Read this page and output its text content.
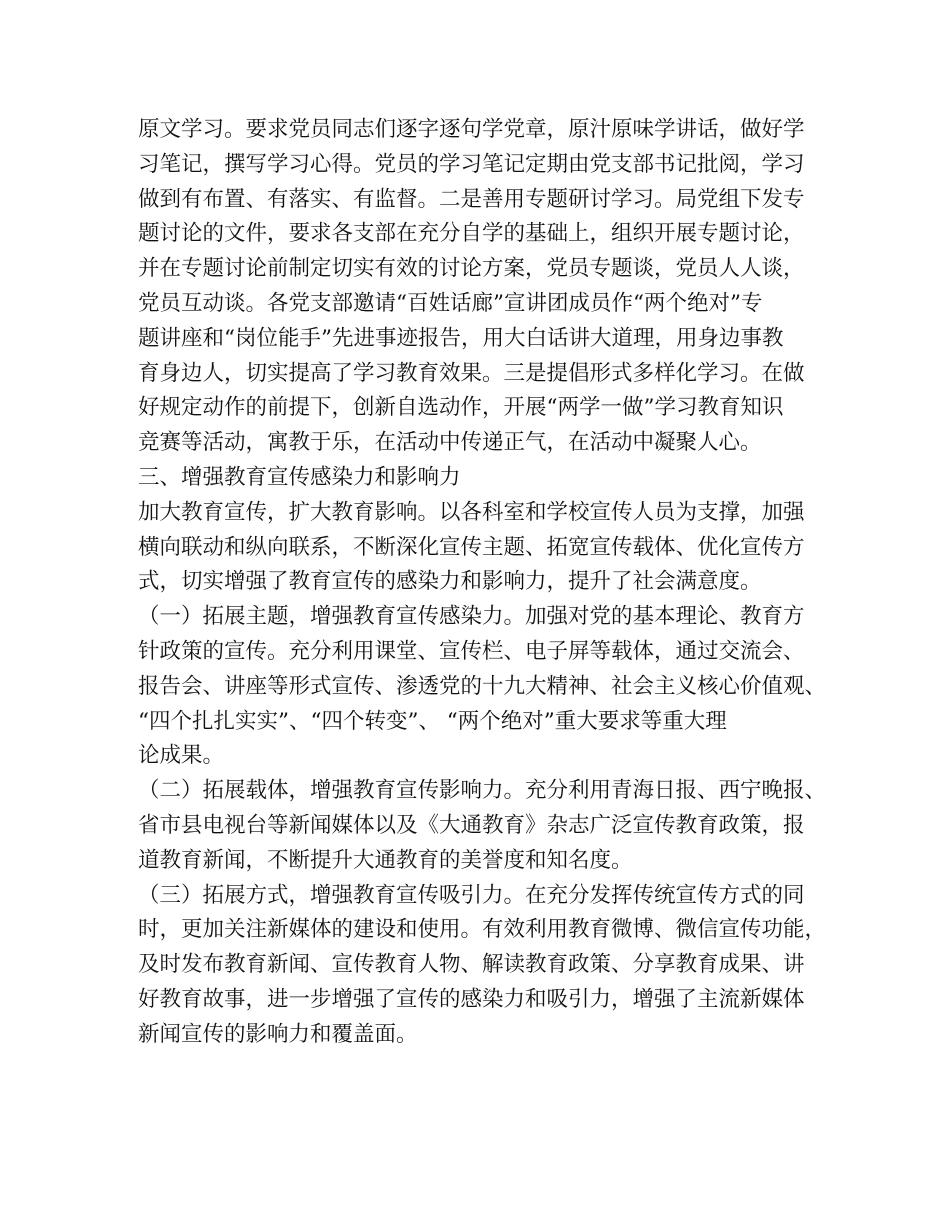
原文学习。要求党员同志们逐字逐句学党章，原汁原味学讲话，做好学
习笔记，撰写学习心得。党员的学习笔记定期由党支部书记批阅，学习
做到有布置、有落实、有监督。二是善用专题研讨学习。局党组下发专
题讨论的文件，要求各支部在充分自学的基础上，组织开展专题讨论，
并在专题讨论前制定切实有效的讨论方案，党员专题谈，党员人人谈，
党员互动谈。各党支部邀请“百姓话廊”宣讲团成员作“两个绝对”专
题讲座和“岗位能手”先进事迹报告，用大白话讲大道理，用身边事教
育身边人，切实提高了学习教育效果。三是提倡形式多样化学习。在做
好规定动作的前提下，创新自选动作，开展“两学一做”学习教育知识
竞赛等活动，寓教于乐，在活动中传递正气，在活动中凝聚人心。
三、增强教育宣传感染力和影响力
加大教育宣传，扩大教育影响。以各科室和学校宣传人员为支撑，加强
横向联动和纵向联系，不断深化宣传主题、拓宽宣传载体、优化宣传方
式，切实增强了教育宣传的感染力和影响力，提升了社会满意度。
（一）拓展主题，增强教育宣传感染力。加强对党的基本理论、教育方
针政策的宣传。充分利用课堂、宣传栏、电子屏等载体，通过交流会、
报告会、讲座等形式宣传、渗透党的十九大精神、社会主义核心价值观、
“四个扎扎实实”、“四个转变”、 “两个绝对”重大要求等重大理
论成果。
（二）拓展载体，增强教育宣传影响力。充分利用青海日报、西宁晚报、
省市县电视台等新闻媒体以及《大通教育》杂志广泛宣传教育政策，报
道教育新闻，不断提升大通教育的美誉度和知名度。
（三）拓展方式，增强教育宣传吸引力。在充分发挥传统宣传方式的同
时，更加关注新媒体的建设和使用。有效利用教育微博、微信宣传功能，
及时发布教育新闻、宣传教育人物、解读教育政策、分享教育成果、讲
好教育故事，进一步增强了宣传的感染力和吸引力，增强了主流新媒体
新闻宣传的影响力和覆盖面。
